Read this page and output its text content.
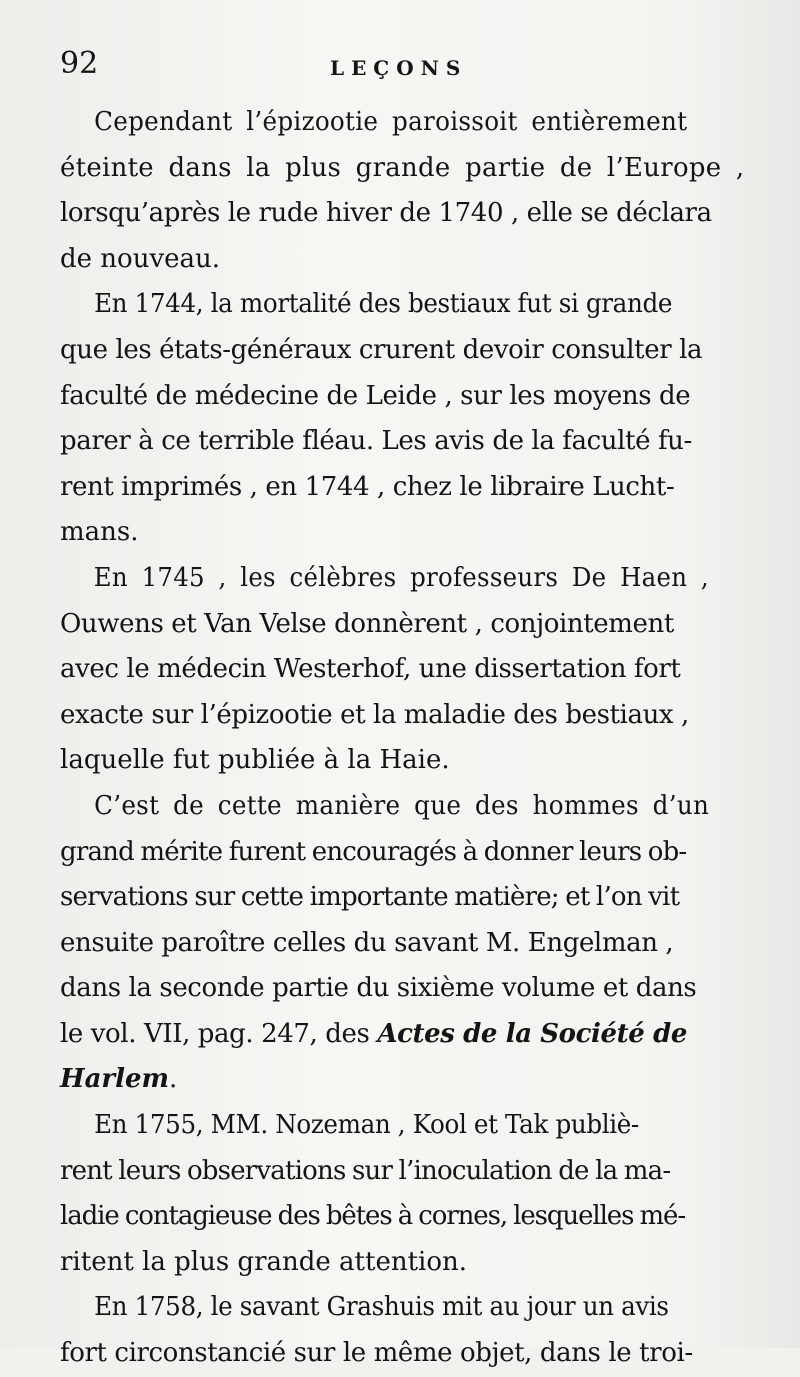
92	LEÇONS

Cependant l’épizootie paroissoit entièrement
éteinte dans la plus grande partie de l’Europe ,
lorsqu’après le rude hiver de 1740 , elle se déclara
de nouveau.

En 1744, la mortalité des bestiaux fut si grande
que les états-généraux crurent devoir consulter la
faculté de médecine de Leide , sur les moyens de
parer à ce terrible fléau. Les avis de la faculté fu-
rent imprimés , en 1744 , chez le libraire Lucht-
mans.

En 1745 , les célèbres professeurs De Haen ,
Ouwens et Van Velse donnèrent , conjointement
avec le médecin Westerhof, une dissertation fort
exacte sur l’épizootie et la maladie des bestiaux ,
laquelle fut publiée à la Haie.

C’est de cette manière que des hommes d’un
grand mérite furent encouragés à donner leurs ob-
servations sur cette importante matière; et l’on vit
ensuite paroître celles du savant M. Engelman ,
dans la seconde partie du sixième volume et dans
le vol. VII, pag. 247, des Actes de la Société de
Harlem.

En 1755, MM. Nozeman , Kool et Tak publiè-
rent leurs observations sur l’inoculation de la ma-
ladie contagieuse des bêtes à cornes, lesquelles mé-
ritent la plus grande attention.

En 1758, le savant Grashuis mit au jour un avis
fort circonstancié sur le même objet, dans le troi-
